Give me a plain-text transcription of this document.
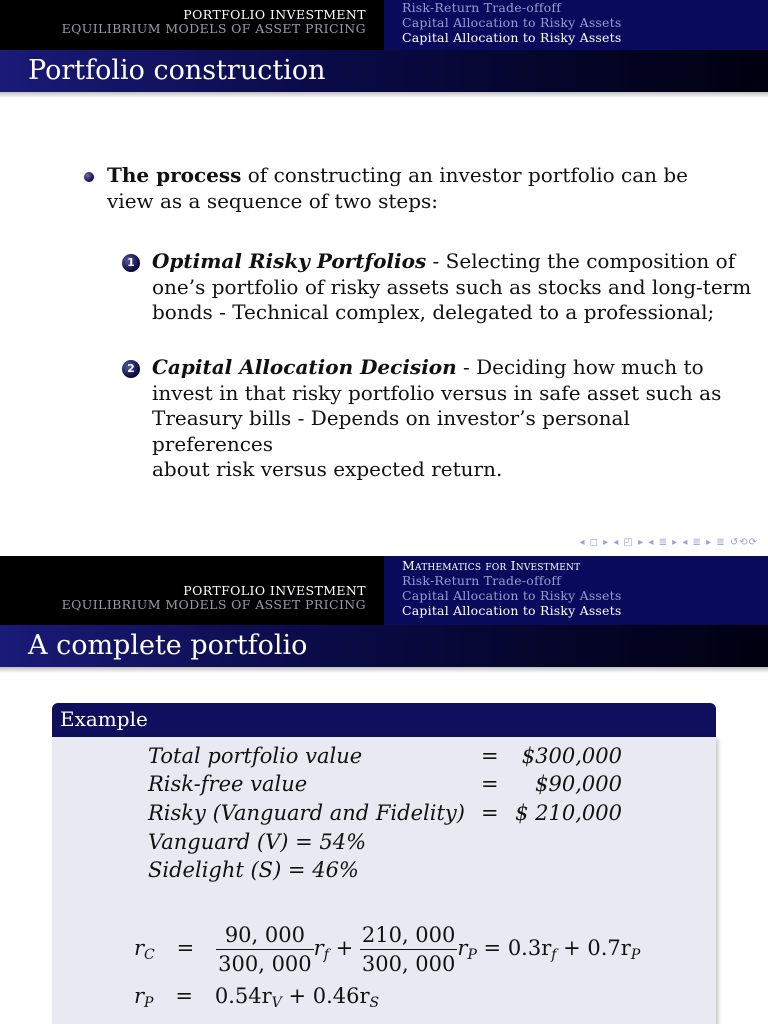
PORTFOLIO INVESTMENT
EQUILIBRIUM MODELS OF ASSET PRICING
Risk-Return Trade-offoff
Capital Allocation to Risky Assets
Capital Allocation to Risky Assets
Portfolio construction
The process of constructing an investor portfolio can be
view as a sequence of two steps:
1 Optimal Risky Portfolios - Selecting the composition of
one’s portfolio of risky assets such as stocks and long-term
bonds - Technical complex, delegated to a professional;
2 Capital Allocation Decision - Deciding how much to
invest in that risky portfolio versus in safe asset such as
Treasury bills - Depends on investor’s personal preferences
about risk versus expected return.
◂ ◻ ▸ ◂ ◰ ▸ ◂ ≣ ▸ ◂ ≣ ▸ ≣ ↺⟲⟳
PORTFOLIO INVESTMENT
EQUILIBRIUM MODELS OF ASSET PRICING
Mathematics for Investment
Risk-Return Trade-offoff
Capital Allocation to Risky Assets
Capital Allocation to Risky Assets
A complete portfolio
Example
Total portfolio value	=	$300,000
Risk-free value	=	$90,000
Risky (Vanguard and Fidelity) = $ 210,000
Vanguard (V) = 54%
Sidelight (S) = 46%
$r_C = \frac{90, 000}{300, 000} r_f + \frac{210, 000}{300, 000} r_P = 0.3r_f + 0.7r_P$
$r_P = 0.54r_V + 0.46r_S$
